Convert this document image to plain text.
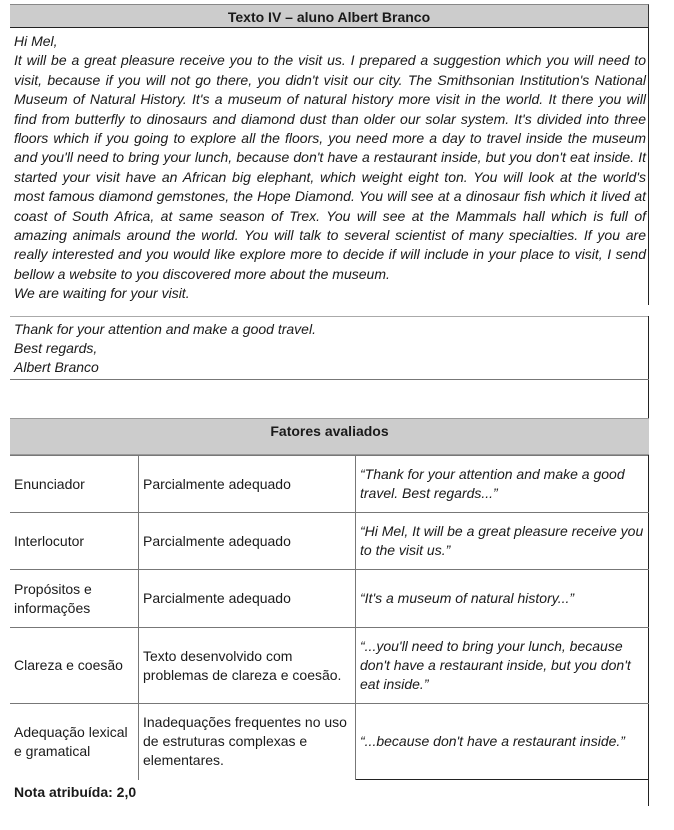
Texto IV – aluno Albert Branco

Hi Mel,

It will be a great pleasure receive you to the visit us. I prepared a suggestion which you will need to visit, because if you will not go there, you didn't visit our city. The Smithsonian Institution's National Museum of Natural History. It's a museum of natural history more visit in the world. It there you will find from butterfly to dinosaurs and diamond dust than older our solar system. It's divided into three floors which if you going to explore all the floors, you need more a day to travel inside the museum and you'll need to bring your lunch, because don't have a restaurant inside, but you don't eat inside. It started your visit have an African big elephant, which weight eight ton. You will look at the world's most famous diamond gemstones, the Hope Diamond. You will see at a dinosaur fish which it lived at coast of South Africa, at same season of Trex. You will see at the Mammals hall which is full of amazing animals around the world. You will talk to several scientist of many specialties. If you are really interested and you would like explore more to decide if will include in your place to visit, I send bellow a website to you discovered more about the museum.

We are waiting for your visit.

Thank for your attention and make a good travel.
Best regards,
Albert Branco
Fatores avaliados
Enunciador	Parcialmente adequado	“Thank for your attention and make a good travel. Best regards...”
Interlocutor	Parcialmente adequado	“Hi Mel, It will be a great pleasure receive you to the visit us.”
Propósitos e informações	Parcialmente adequado	“It's a museum of natural history...”
Clareza e coesão	Texto desenvolvido com problemas de clareza e coesão.	“...you'll need to bring your lunch, because don't have a restaurant inside, but you don't eat inside.”
Adequação lexical e gramatical	Inadequações frequentes no uso de estruturas complexas e elementares.	“...because don't have a restaurant inside.”
Nota atribuída: 2,0
